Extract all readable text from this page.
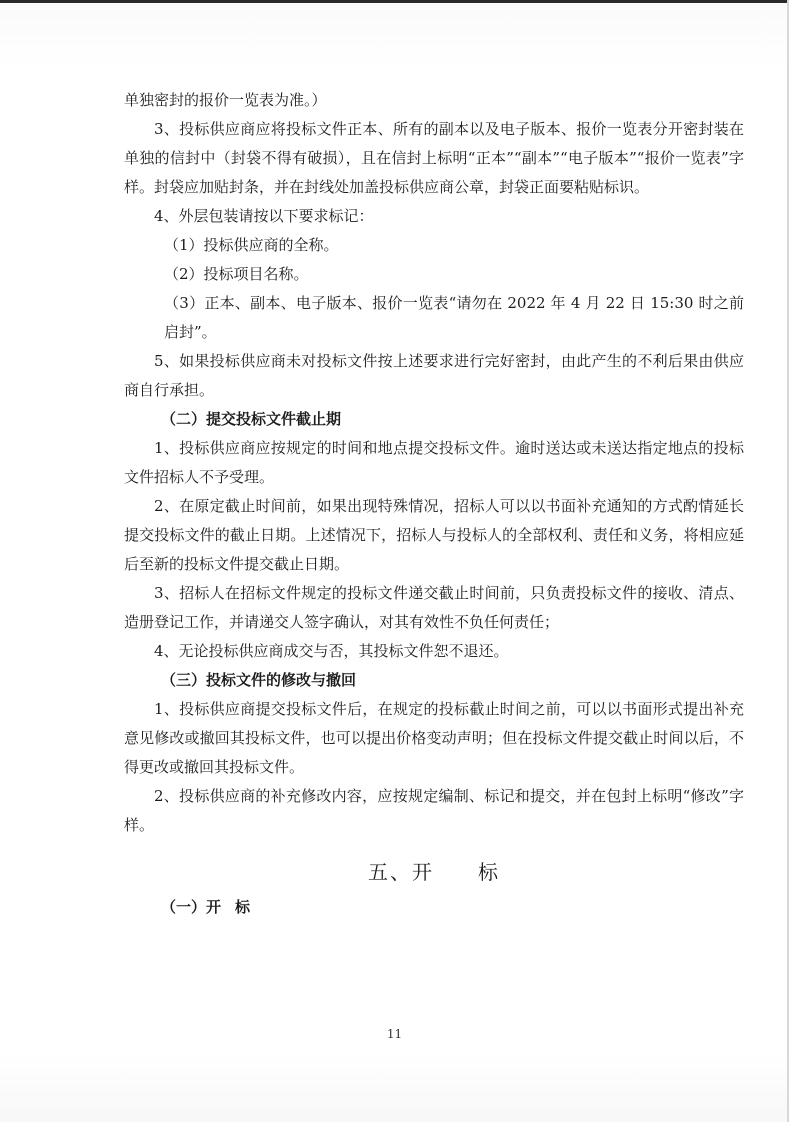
单独密封的报价一览表为准。）

3、投标供应商应将投标文件正本、所有的副本以及电子版本、报价一览表分开密封装在单独的信封中（封袋不得有破损），且在信封上标明“正本”“副本”“电子版本”“报价一览表”字样。封袋应加贴封条，并在封线处加盖投标供应商公章，封袋正面要粘贴标识。

4、外层包装请按以下要求标记：

（1）投标供应商的全称。

（2）投标项目名称。

（3）正本、副本、电子版本、报价一览表“请勿在 2022 年 4 月 22 日 15:30 时之前启封”。

5、如果投标供应商未对投标文件按上述要求进行完好密封，由此产生的不利后果由供应商自行承担。

（二）提交投标文件截止期

1、投标供应商应按规定的时间和地点提交投标文件。逾时送达或未送达指定地点的投标文件招标人不予受理。

2、在原定截止时间前，如果出现特殊情况，招标人可以以书面补充通知的方式酌情延长提交投标文件的截止日期。上述情况下，招标人与投标人的全部权利、责任和义务，将相应延后至新的投标文件提交截止日期。

3、招标人在招标文件规定的投标文件递交截止时间前，只负责投标文件的接收、清点、造册登记工作，并请递交人签字确认，对其有效性不负任何责任；

4、无论投标供应商成交与否，其投标文件恕不退还。

（三）投标文件的修改与撤回

1、投标供应商提交投标文件后，在规定的投标截止时间之前，可以以书面形式提出补充意见修改或撤回其投标文件，也可以提出价格变动声明；但在投标文件提交截止时间以后，不得更改或撤回其投标文件。

2、投标供应商的补充修改内容，应按规定编制、标记和提交，并在包封上标明“修改”字样。

五、开 标

（一）开 标

11
